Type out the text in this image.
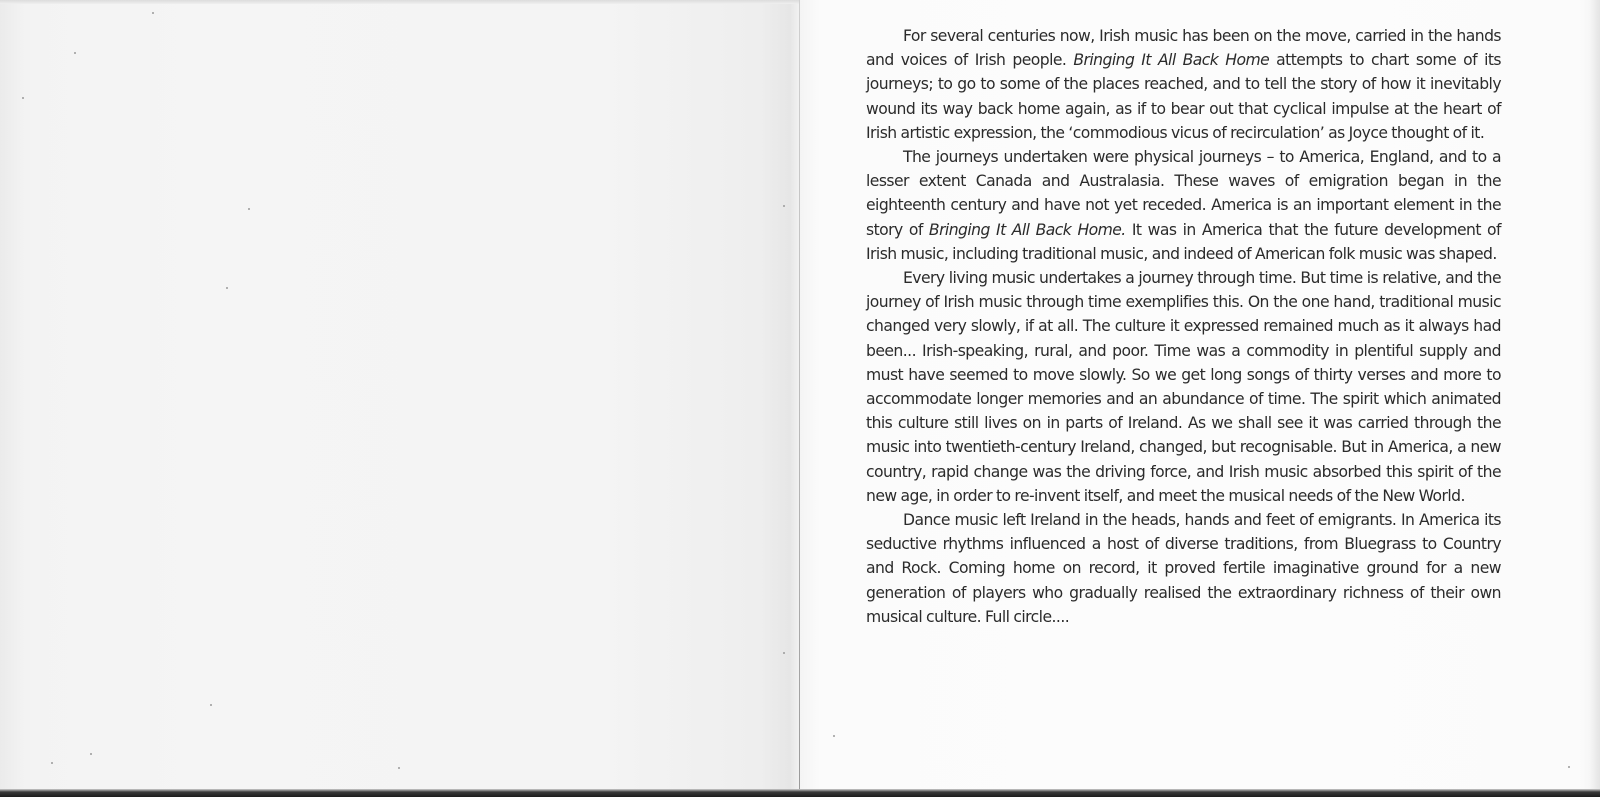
For several centuries now, Irish music has been on the move, carried in the hands and voices of Irish people. Bringing It All Back Home attempts to chart some of its journeys; to go to some of the places reached, and to tell the story of how it inevitably wound its way back home again, as if to bear out that cyclical impulse at the heart of Irish artistic expression, the ‘commodious vicus of recirculation’ as Joyce thought of it.

The journeys undertaken were physical journeys – to America, England, and to a lesser extent Canada and Australasia. These waves of emigration began in the eighteenth century and have not yet receded. America is an important element in the story of Bringing It All Back Home. It was in America that the future development of Irish music, including traditional music, and indeed of American folk music was shaped.

Every living music undertakes a journey through time. But time is relative, and the journey of Irish music through time exemplifies this. On the one hand, traditional music changed very slowly, if at all. The culture it expressed remained much as it always had been... Irish-speaking, rural, and poor. Time was a commodity in plentiful supply and must have seemed to move slowly. So we get long songs of thirty verses and more to accommodate longer memories and an abundance of time. The spirit which animated this culture still lives on in parts of Ireland. As we shall see it was carried through the music into twentieth-century Ireland, changed, but recognisable. But in America, a new country, rapid change was the driving force, and Irish music absorbed this spirit of the new age, in order to re-invent itself, and meet the musical needs of the New World.

Dance music left Ireland in the heads, hands and feet of emigrants. In America its seductive rhythms influenced a host of diverse traditions, from Bluegrass to Country and Rock. Coming home on record, it proved fertile imaginative ground for a new generation of players who gradually realised the extraordinary richness of their own musical culture. Full circle....
